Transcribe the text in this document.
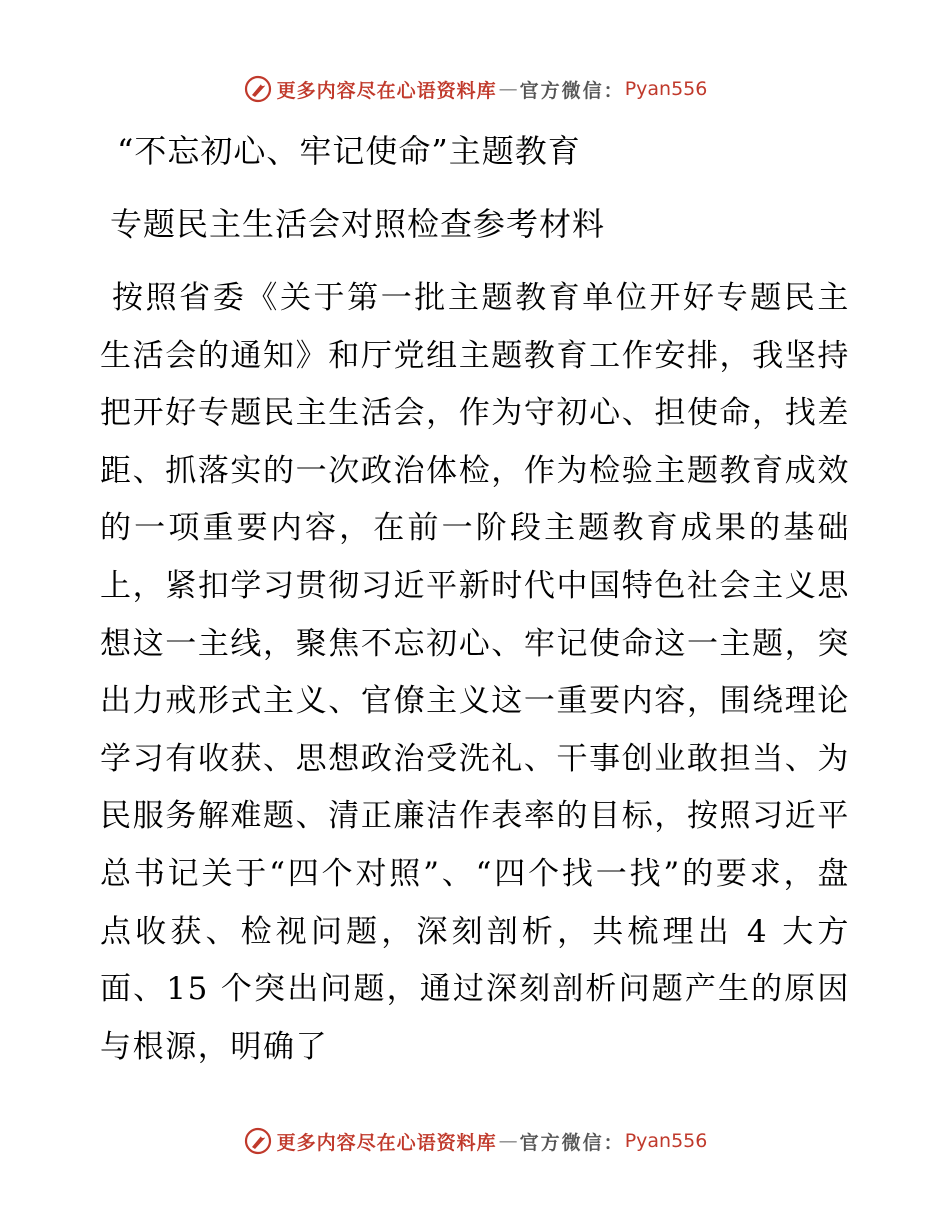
更多内容尽在心语资料库 — 官方微信： Pyan556
“不忘初心、牢记使命”主题教育
专题民主生活会对照检查参考材料

按照省委《关于第一批主题教育单位开好专题民主生活会的通知》和厅党组主题教育工作安排，我坚持把开好专题民主生活会，作为守初心、担使命，找差距、抓落实的一次政治体检，作为检验主题教育成效的一项重要内容，在前一阶段主题教育成果的基础上，紧扣学习贯彻习近平新时代中国特色社会主义思想这一主线，聚焦不忘初心、牢记使命这一主题，突出力戒形式主义、官僚主义这一重要内容，围绕理论学习有收获、思想政治受洗礼、干事创业敢担当、为民服务解难题、清正廉洁作表率的目标，按照习近平总书记关于“四个对照”、“四个找一找”的要求，盘点收获、检视问题，深刻剖析，共梳理出 4 大方面、15 个突出问题，通过深刻剖析问题产生的原因与根源，明确了

更多内容尽在心语资料库 — 官方微信： Pyan556
